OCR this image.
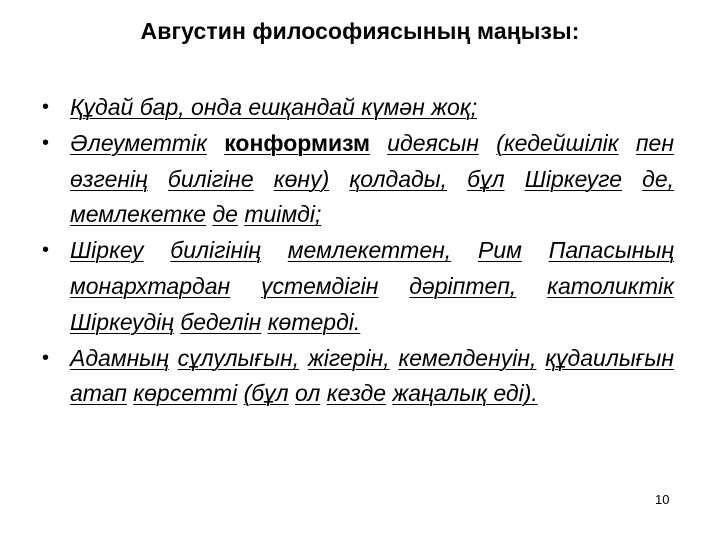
Августин философиясының маңызы:
• Құдай бар, онда ешқандай күмән жоқ;
• Әлеуметтік конформизм идеясын (кедейшілік пен өзгенің билігіне көну) қолдады, бұл Шіркеуге де, мемлекетке де тиімді;
• Шіркеу билігінің мемлекеттен, Рим Папасының монархтардан үстемдігін дәріптеп, католиктік Шіркеудің беделін көтерді.
• Адамның сұлулығын, жігерін, кемелденуін, құдаилығын атап көрсетті (бұл ол кезде жаңалық еді).
10
